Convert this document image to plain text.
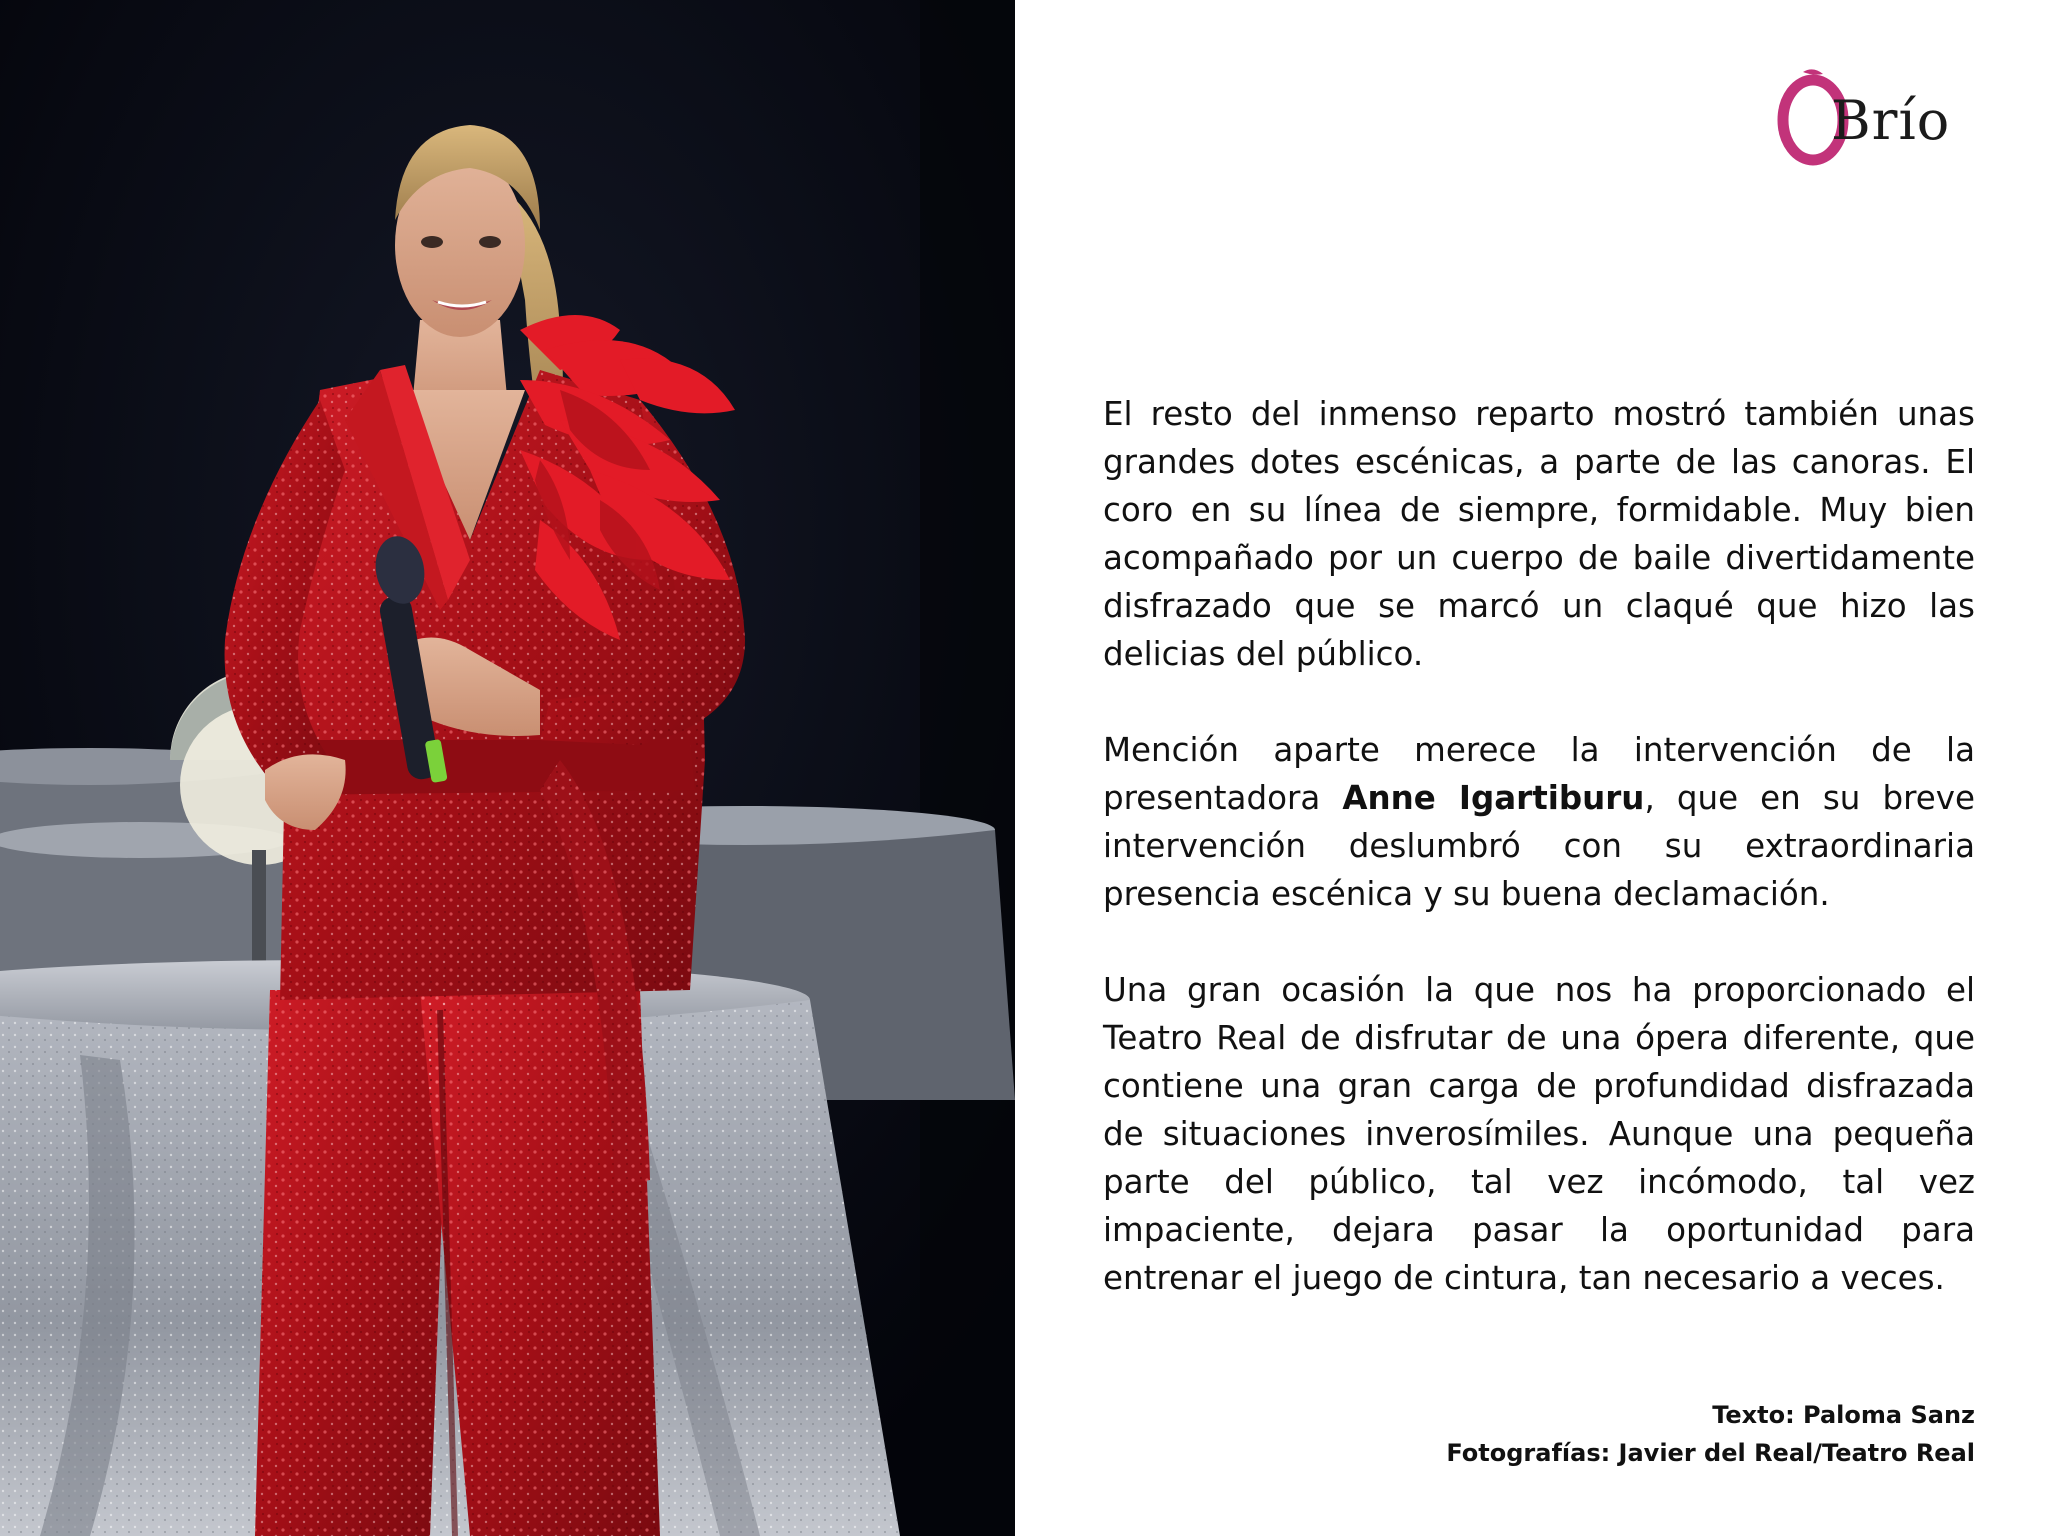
Brío

El resto del inmenso reparto mostró también unas grandes dotes escénicas, a parte de las canoras. El coro en su línea de siempre, formidable. Muy bien acompañado por un cuerpo de baile divertidamente disfrazado que se marcó un claqué que hizo las delicias del público.

Mención aparte merece la intervención de la presentadora Anne Igartiburu, que en su breve intervención deslumbró con su extraordinaria presencia escénica y su buena declamación.

Una gran ocasión la que nos ha proporcionado el Teatro Real de disfrutar de una ópera diferente, que contiene una gran carga de profundidad disfrazada de situaciones inverosímiles. Aunque una pequeña parte del público, tal vez incómodo, tal vez impaciente, dejara pasar la oportunidad para entrenar el juego de cintura, tan necesario a veces.

Texto: Paloma Sanz
Fotografías: Javier del Real/Teatro Real
